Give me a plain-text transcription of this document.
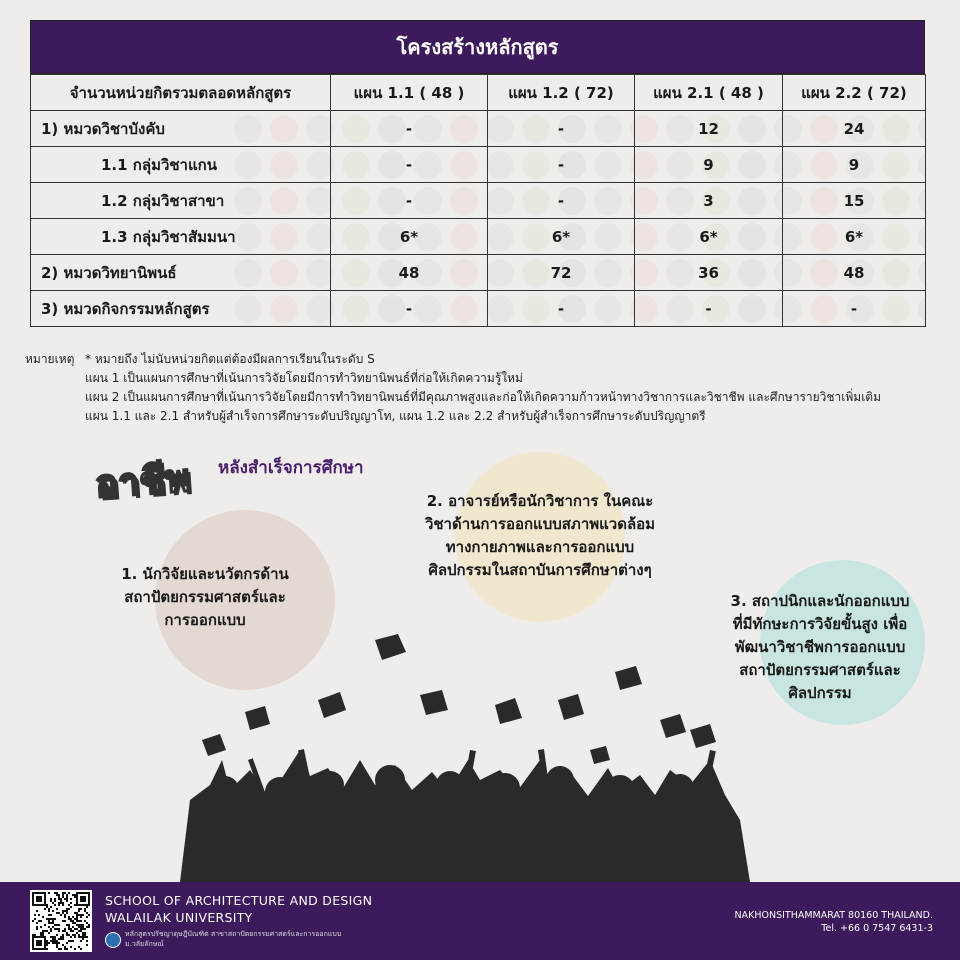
โครงสร้างหลักสูตร
จำนวนหน่วยกิตรวมตลอดหลักสูตร	แผน 1.1 ( 48 )	แผน 1.2 ( 72)	แผน 2.1 ( 48 )	แผน 2.2 ( 72)
1) หมวดวิชาบังคับ	-	-	12	24
1.1 กลุ่มวิชาแกน	-	-	9	9
1.2 กลุ่มวิชาสาขา	-	-	3	15
1.3 กลุ่มวิชาสัมมนา	6*	6*	6*	6*
2) หมวดวิทยานิพนธ์	48	72	36	48
3) หมวดกิจกรรมหลักสูตร	-	-	-	-
หมายเหตุ * หมายถึง ไม่นับหน่วยกิตแต่ต้องมีผลการเรียนในระดับ S
แผน 1 เป็นแผนการศึกษาที่เน้นการวิจัยโดยมีการทำวิทยานิพนธ์ที่ก่อให้เกิดความรู้ใหม่
แผน 2 เป็นแผนการศึกษาที่เน้นการวิจัยโดยมีการทำวิทยานิพนธ์ที่มีคุณภาพสูงและก่อให้เกิดความก้าวหน้าทางวิชาการและวิชาชีพ และศึกษารายวิชาเพิ่มเติม
แผน 1.1 และ 2.1 สำหรับผู้สำเร็จการศึกษาระดับปริญญาโท, แผน 1.2 และ 2.2 สำหรับผู้สำเร็จการศึกษาระดับปริญญาตรี
อาชีพ หลังสำเร็จการศึกษา
1. นักวิจัยและนวัตกรด้าน
สถาปัตยกรรมศาสตร์และ
การออกแบบ
2. อาจารย์หรือนักวิชาการ ในคณะ
วิชาด้านการออกแบบสภาพแวดล้อม
ทางกายภาพและการออกแบบ
ศิลปกรรมในสถาบันการศึกษาต่างๆ
3. สถาปนิกและนักออกแบบ
ที่มีทักษะการวิจัยขั้นสูง เพื่อ
พัฒนาวิชาชีพการออกแบบ
สถาปัตยกรรมศาสตร์และ
ศิลปกรรม
SCHOOL OF ARCHITECTURE AND DESIGN
WALAILAK UNIVERSITY
หลักสูตรปรัชญาดุษฎีบัณฑิต สาขาสถาปัตยกรรมศาสตร์และการออกแบบ
ม.วลัยลักษณ์
NAKHONSITHAMMARAT 80160 THAILAND.
Tel. +66 0 7547 6431-3
